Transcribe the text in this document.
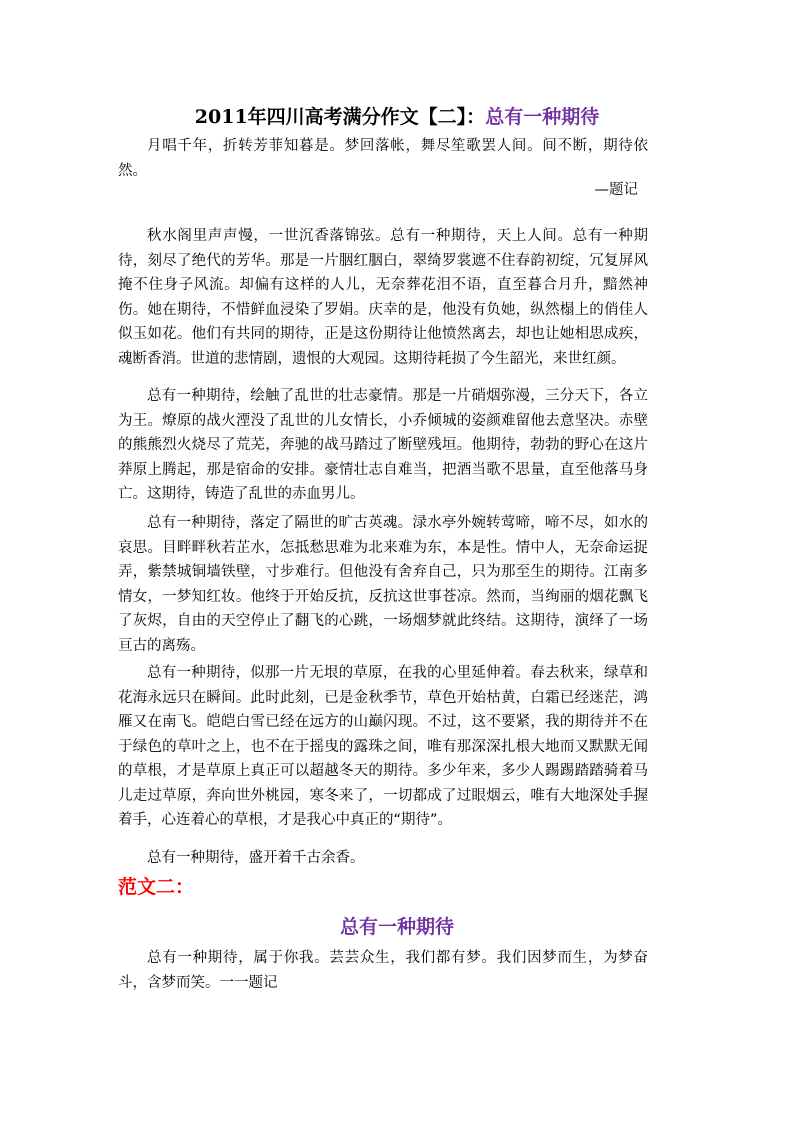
2011年四川高考满分作文【二】：总有一种期待
月唱千年，折转芳菲知暮是。梦回落帐，舞尽笙歌罢人间。间不断，期待依然。
—题记
秋水阁里声声慢，一世沉香落锦弦。总有一种期待，天上人间。总有一种期待，刻尽了绝代的芳华。那是一片胭红胭白，翠绮罗裳遮不住春韵初绽，冗复屏风掩不住身子风流。却偏有这样的人儿，无奈葬花泪不语，直至暮合月升，黯然神伤。她在期待，不惜鲜血浸染了罗娟。庆幸的是，他没有负她，纵然榻上的俏佳人似玉如花。他们有共同的期待，正是这份期待让他愤然离去，却也让她相思成疾，魂断香消。世道的悲情剧，遗恨的大观园。这期待耗损了今生韶光，来世红颜。
总有一种期待，绘触了乱世的壮志豪情。那是一片硝烟弥漫，三分天下，各立为王。燎原的战火湮没了乱世的儿女情长，小乔倾城的姿颜难留他去意坚决。赤壁的熊熊烈火烧尽了荒芜，奔驰的战马踏过了断壁残垣。他期待，勃勃的野心在这片莽原上腾起，那是宿命的安排。豪情壮志自难当，把酒当歌不思量，直至他落马身亡。这期待，铸造了乱世的赤血男儿。
总有一种期待，落定了隔世的旷古英魂。渌水亭外婉转莺啼，啼不尽，如水的哀思。目畔畔秋若芷水，怎抵愁思难为北来难为东，本是性。情中人，无奈命运捉弄，紫禁城铜墙铁壁，寸步难行。但他没有舍弃自己，只为那至生的期待。江南多情女，一梦知红妆。他终于开始反抗，反抗这世事苍凉。然而，当绚丽的烟花飘飞了灰烬，自由的天空停止了翻飞的心跳，一场烟梦就此终结。这期待，演绎了一场亘古的离殇。
总有一种期待，似那一片无垠的草原，在我的心里延伸着。春去秋来，绿草和花海永远只在瞬间。此时此刻，已是金秋季节，草色开始枯黄，白霜已经迷茫，鸿雁又在南飞。皑皑白雪已经在远方的山巅闪现。不过，这不要紧，我的期待并不在于绿色的草叶之上，也不在于摇曳的露珠之间，唯有那深深扎根大地而又默默无闻的草根，才是草原上真正可以超越冬天的期待。多少年来，多少人踢踢踏踏骑着马儿走过草原，奔向世外桃园，寒冬来了，一切都成了过眼烟云，唯有大地深处手握着手，心连着心的草根，才是我心中真正的“期待”。
总有一种期待，盛开着千古余香。
范文二：
总有一种期待
总有一种期待，属于你我。芸芸众生，我们都有梦。我们因梦而生，为梦奋斗，含梦而笑。一一题记
